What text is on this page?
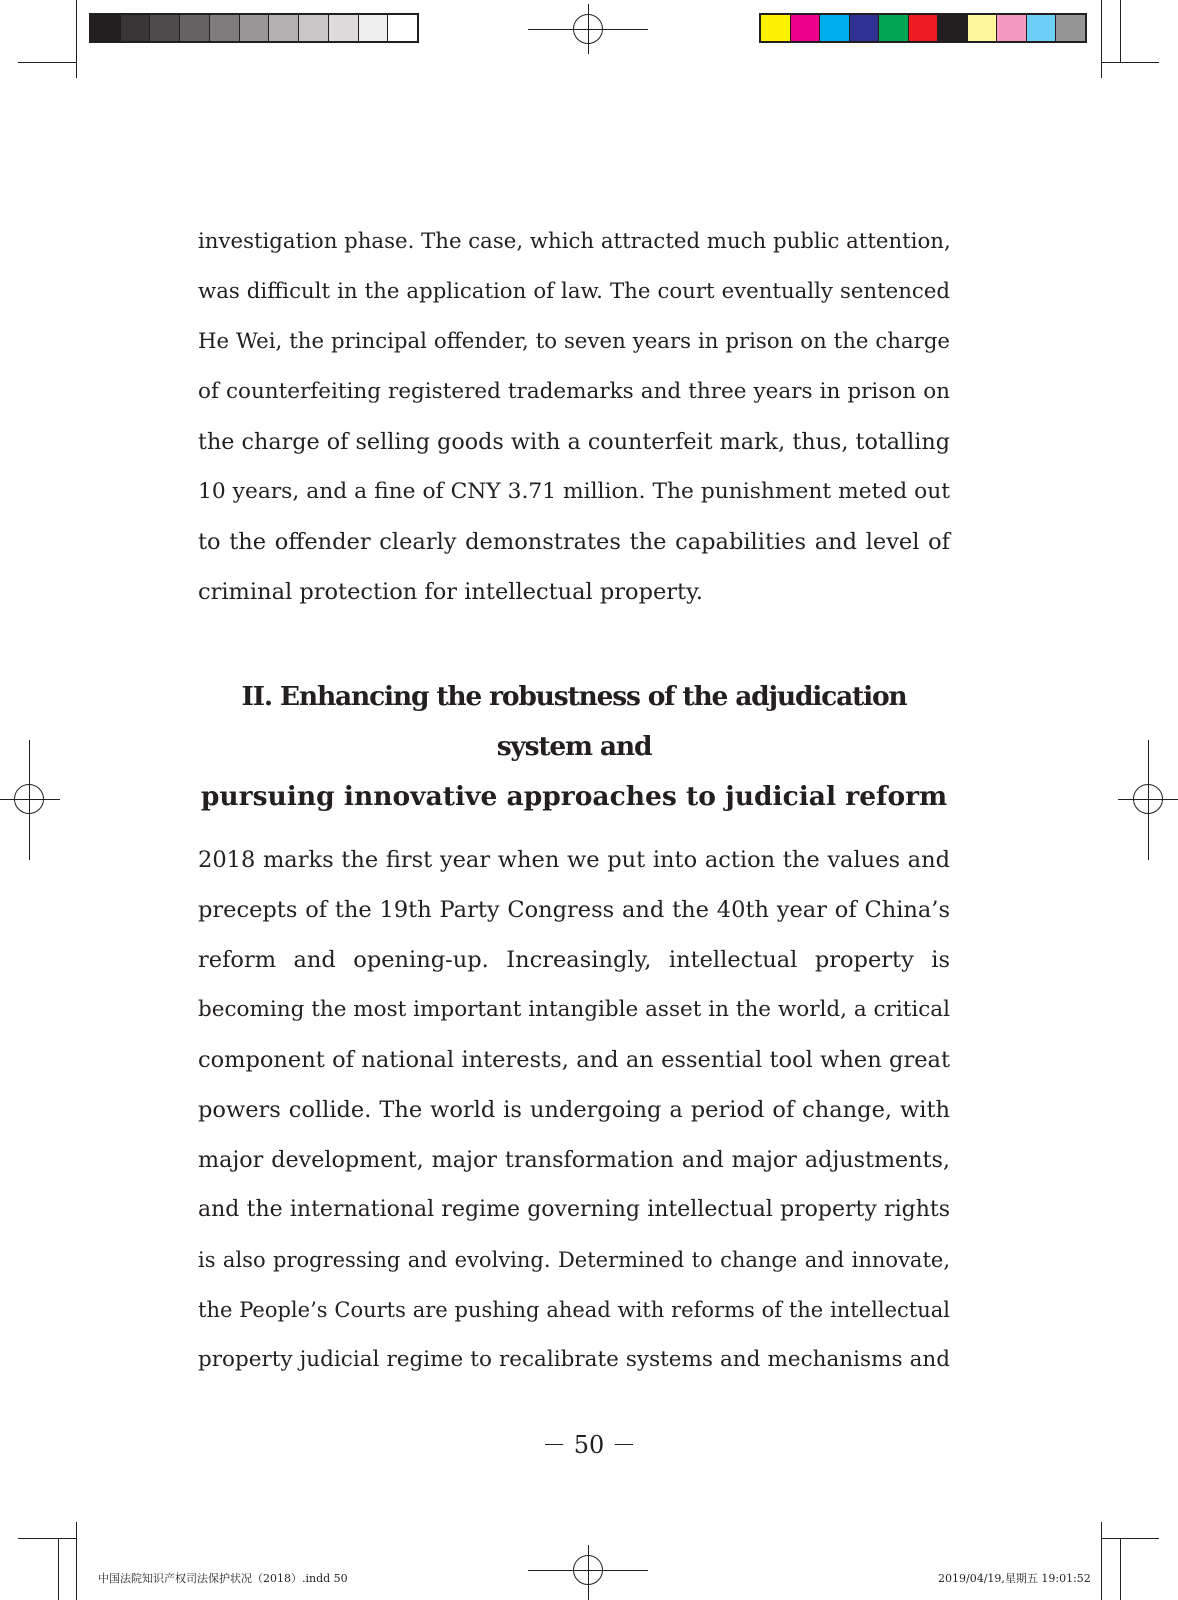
investigation phase. The case, which attracted much public attention,
was difficult in the application of law. The court eventually sentenced
He Wei, the principal offender, to seven years in prison on the charge
of counterfeiting registered trademarks and three years in prison on
the charge of selling goods with a counterfeit mark, thus, totalling
10 years, and a fine of CNY 3.71 million. The punishment meted out
to the offender clearly demonstrates the capabilities and level of
criminal protection for intellectual property.
II. Enhancing the robustness of the adjudication system and
pursuing innovative approaches to judicial reform
2018 marks the first year when we put into action the values and
precepts of the 19th Party Congress and the 40th year of China’s
reform and opening-up. Increasingly, intellectual property is
becoming the most important intangible asset in the world, a critical
component of national interests, and an essential tool when great
powers collide. The world is undergoing a period of change, with
major development, major transformation and major adjustments,
and the international regime governing intellectual property rights
is also progressing and evolving. Determined to change and innovate,
the People’s Courts are pushing ahead with reforms of the intellectual
property judicial regime to recalibrate systems and mechanisms and
－ 50 －
中国法院知识产权司法保护状况（2018）.indd 50	2019/04/19,星期五 19:01:52
